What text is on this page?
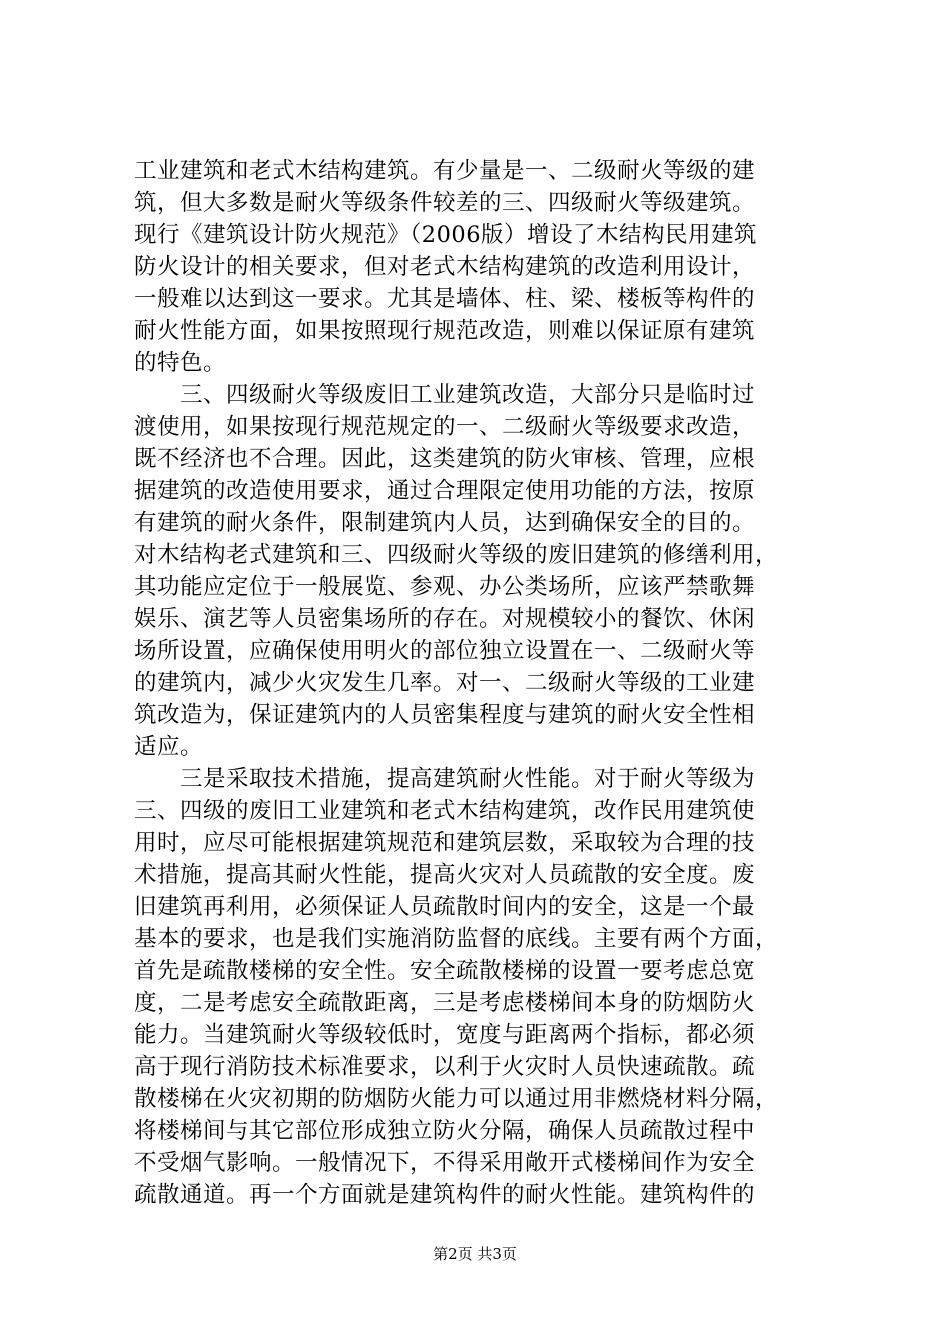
工业建筑和老式木结构建筑。有少量是一、二级耐火等级的建
筑，但大多数是耐火等级条件较差的三、四级耐火等级建筑。
现行《建筑设计防火规范》（2006版）增设了木结构民用建筑
防火设计的相关要求，但对老式木结构建筑的改造利用设计，
一般难以达到这一要求。尤其是墙体、柱、梁、楼板等构件的
耐火性能方面，如果按照现行规范改造，则难以保证原有建筑
的特色。
　　三、四级耐火等级废旧工业建筑改造，大部分只是临时过
渡使用，如果按现行规范规定的一、二级耐火等级要求改造，
既不经济也不合理。因此，这类建筑的防火审核、管理，应根
据建筑的改造使用要求，通过合理限定使用功能的方法，按原
有建筑的耐火条件，限制建筑内人员，达到确保安全的目的。
对木结构老式建筑和三、四级耐火等级的废旧建筑的修缮利用，
其功能应定位于一般展览、参观、办公类场所，应该严禁歌舞
娱乐、演艺等人员密集场所的存在。对规模较小的餐饮、休闲
场所设置，应确保使用明火的部位独立设置在一、二级耐火等
的建筑内，减少火灾发生几率。对一、二级耐火等级的工业建
筑改造为，保证建筑内的人员密集程度与建筑的耐火安全性相
适应。
　　三是采取技术措施，提高建筑耐火性能。对于耐火等级为
三、四级的废旧工业建筑和老式木结构建筑，改作民用建筑使
用时，应尽可能根据建筑规范和建筑层数，采取较为合理的技
术措施，提高其耐火性能，提高火灾对人员疏散的安全度。废
旧建筑再利用，必须保证人员疏散时间内的安全，这是一个最
基本的要求，也是我们实施消防监督的底线。主要有两个方面，
首先是疏散楼梯的安全性。安全疏散楼梯的设置一要考虑总宽
度，二是考虑安全疏散距离，三是考虑楼梯间本身的防烟防火
能力。当建筑耐火等级较低时，宽度与距离两个指标，都必须
高于现行消防技术标准要求，以利于火灾时人员快速疏散。疏
散楼梯在火灾初期的防烟防火能力可以通过用非燃烧材料分隔，
将楼梯间与其它部位形成独立防火分隔，确保人员疏散过程中
不受烟气影响。一般情况下，不得采用敞开式楼梯间作为安全
疏散通道。再一个方面就是建筑构件的耐火性能。建筑构件的
第2页 共3页
